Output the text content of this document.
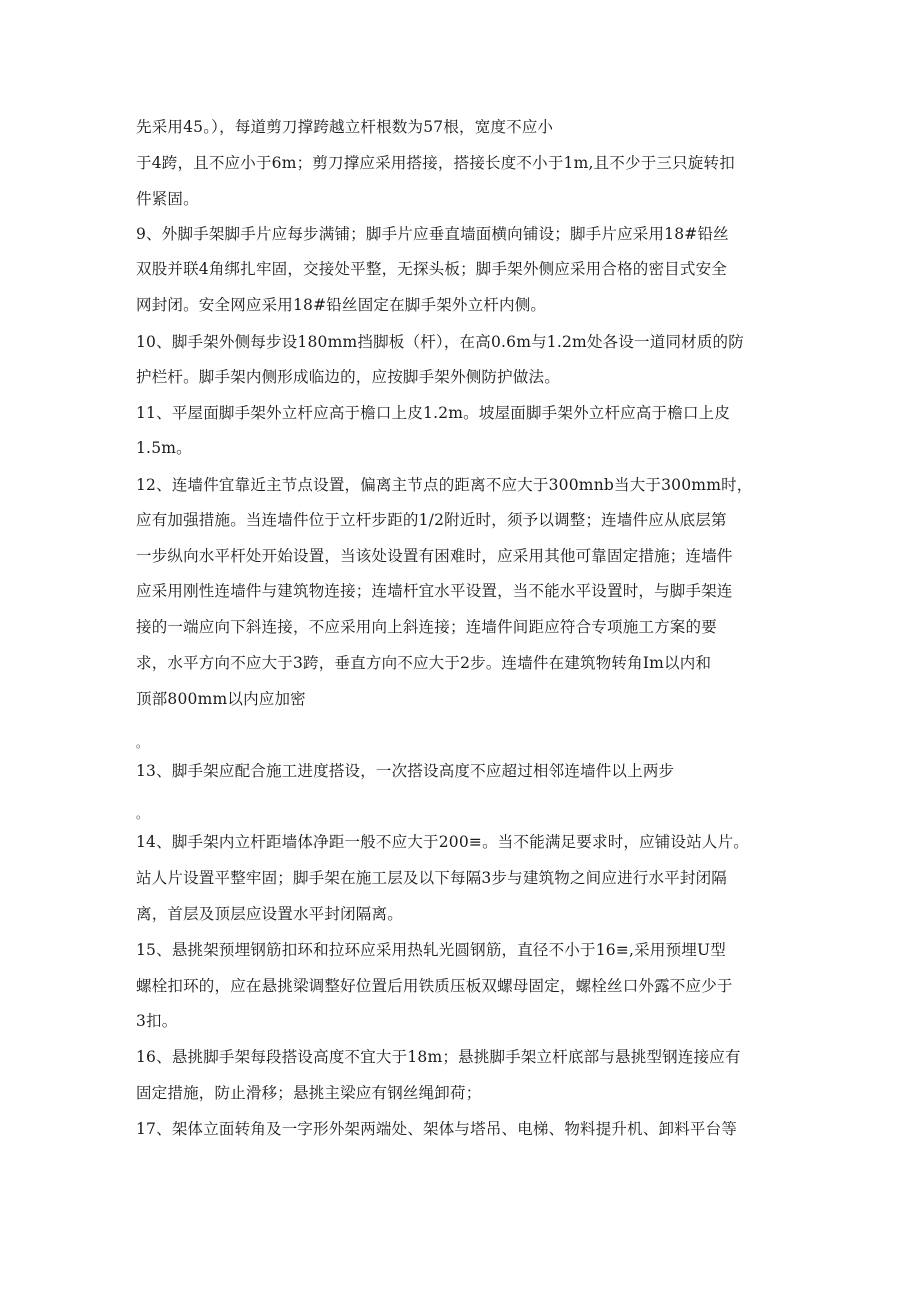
先采用45。），每道剪刀撑跨越立杆根数为57根，宽度不应小
于4跨，且不应小于6m；剪刀撑应采用搭接，搭接长度不小于1m,且不少于三只旋转扣
件紧固。
9、外脚手架脚手片应每步满铺；脚手片应垂直墙面横向铺设；脚手片应采用18#铅丝
双股并联4角绑扎牢固，交接处平整，无探头板；脚手架外侧应采用合格的密目式安全
网封闭。安全网应采用18#铅丝固定在脚手架外立杆内侧。
10、脚手架外侧每步设180mm挡脚板（杆），在高0.6m与1.2m处各设一道同材质的防
护栏杆。脚手架内侧形成临边的，应按脚手架外侧防护做法。
11、平屋面脚手架外立杆应高于檐口上皮1.2m。坡屋面脚手架外立杆应高于檐口上皮
1.5m。
12、连墙件宜靠近主节点设置，偏离主节点的距离不应大于300mnb当大于300mm时，
应有加强措施。当连墙件位于立杆步距的1/2附近时，须予以调整；连墙件应从底层第
一步纵向水平杆处开始设置，当该处设置有困难时，应采用其他可靠固定措施；连墙件
应采用刚性连墙件与建筑物连接；连墙杆宜水平设置，当不能水平设置时，与脚手架连
接的一端应向下斜连接，不应采用向上斜连接；连墙件间距应符合专项施工方案的要
求，水平方向不应大于3跨，垂直方向不应大于2步。连墙件在建筑物转角Im以内和
顶部800mm以内应加密
。
13、脚手架应配合施工进度搭设，一次搭设高度不应超过相邻连墙件以上两步
。
14、脚手架内立杆距墙体净距一般不应大于200≡。当不能满足要求时，应铺设站人片。
站人片设置平整牢固；脚手架在施工层及以下每隔3步与建筑物之间应进行水平封闭隔
离，首层及顶层应设置水平封闭隔离。
15、悬挑架预埋钢筋扣环和拉环应采用热轧光圆钢筋，直径不小于16≡,采用预埋U型
螺栓扣环的，应在悬挑梁调整好位置后用铁质压板双螺母固定，螺栓丝口外露不应少于
3扣。
16、悬挑脚手架每段搭设高度不宜大于18m；悬挑脚手架立杆底部与悬挑型钢连接应有
固定措施，防止滑移；悬挑主梁应有钢丝绳卸荷；
17、架体立面转角及一字形外架两端处、架体与塔吊、电梯、物料提升机、卸料平台等
